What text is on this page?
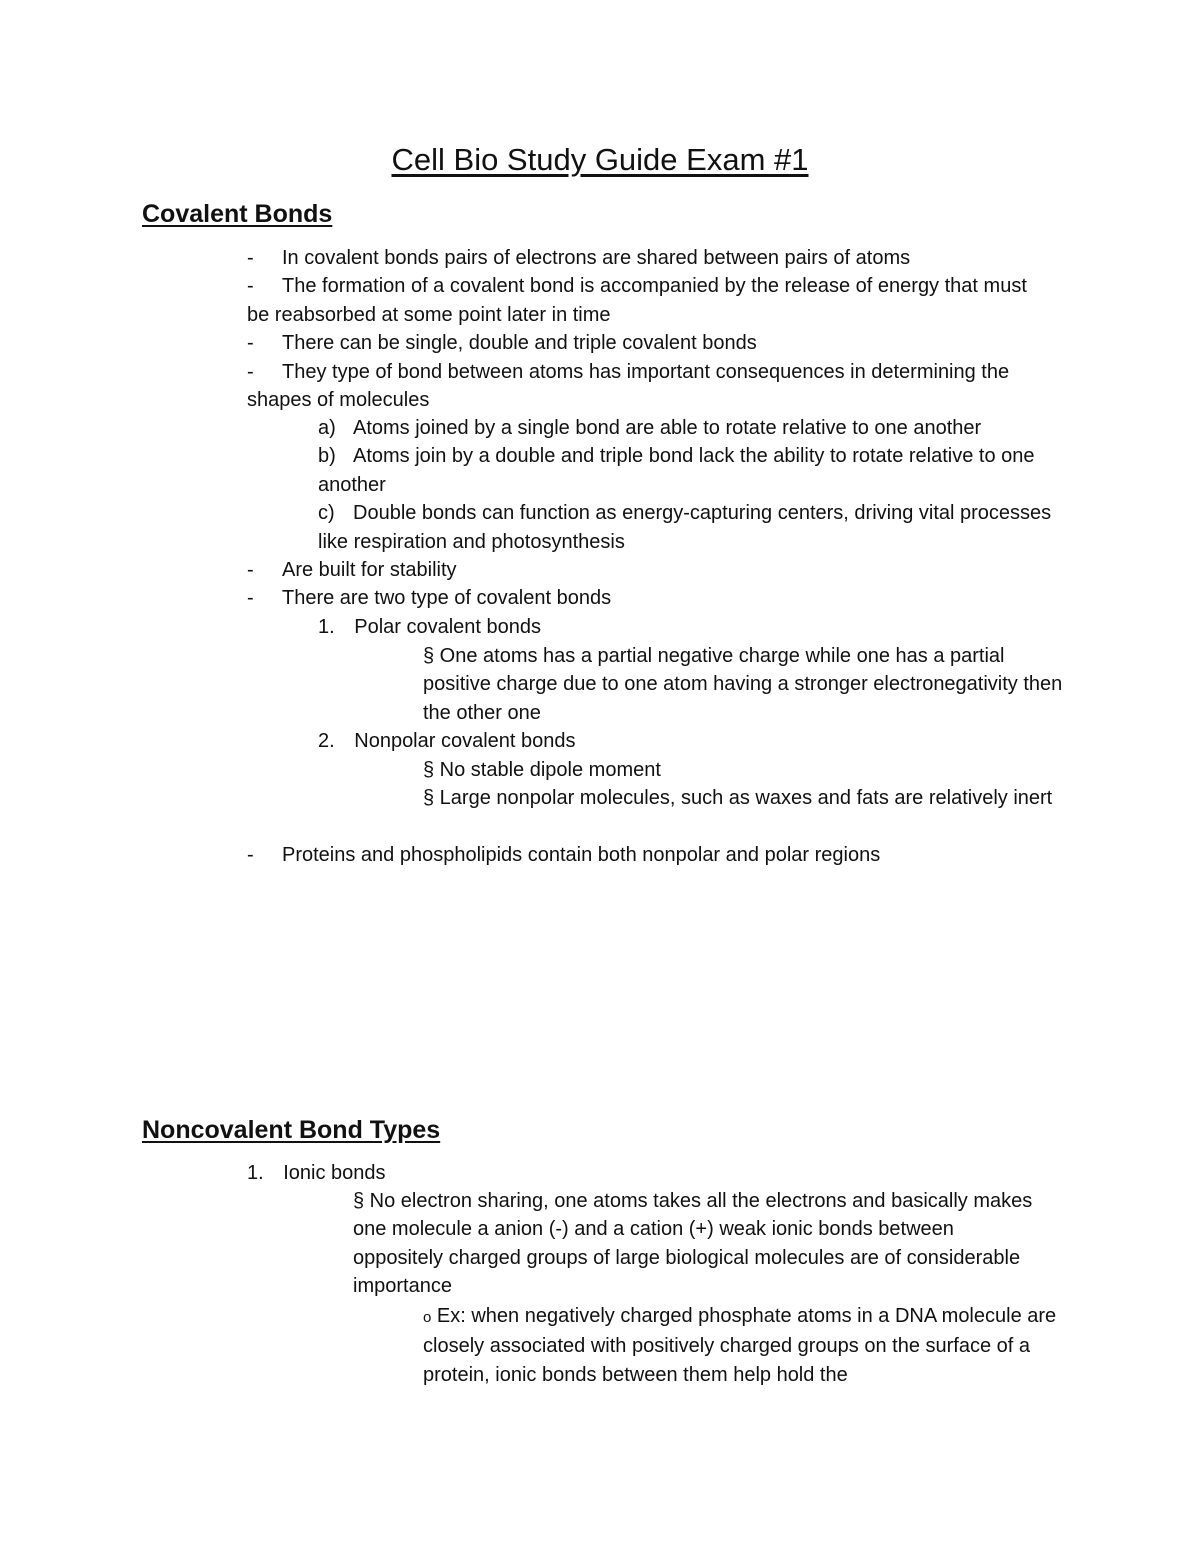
Cell Bio Study Guide Exam #1
Covalent Bonds
- In covalent bonds pairs of electrons are shared between pairs of atoms
- The formation of a covalent bond is accompanied by the release of energy that must be reabsorbed at some point later in time
- There can be single, double and triple covalent bonds
- They type of bond between atoms has important consequences in determining the shapes of molecules
a) Atoms joined by a single bond are able to rotate relative to one another
b) Atoms join by a double and triple bond lack the ability to rotate relative to one another
c) Double bonds can function as energy-capturing centers, driving vital processes like respiration and photosynthesis
- Are built for stability
- There are two type of covalent bonds
1. Polar covalent bonds
§ One atoms has a partial negative charge while one has a partial positive charge due to one atom having a stronger electronegativity then the other one
2. Nonpolar covalent bonds
§ No stable dipole moment
§ Large nonpolar molecules, such as waxes and fats are relatively inert
- Proteins and phospholipids contain both nonpolar and polar regions
Noncovalent Bond Types
1. Ionic bonds
§ No electron sharing, one atoms takes all the electrons and basically makes one molecule a anion (-) and a cation (+) weak ionic bonds between oppositely charged groups of large biological molecules are of considerable importance
o Ex: when negatively charged phosphate atoms in a DNA molecule are closely associated with positively charged groups on the surface of a protein, ionic bonds between them help hold the
